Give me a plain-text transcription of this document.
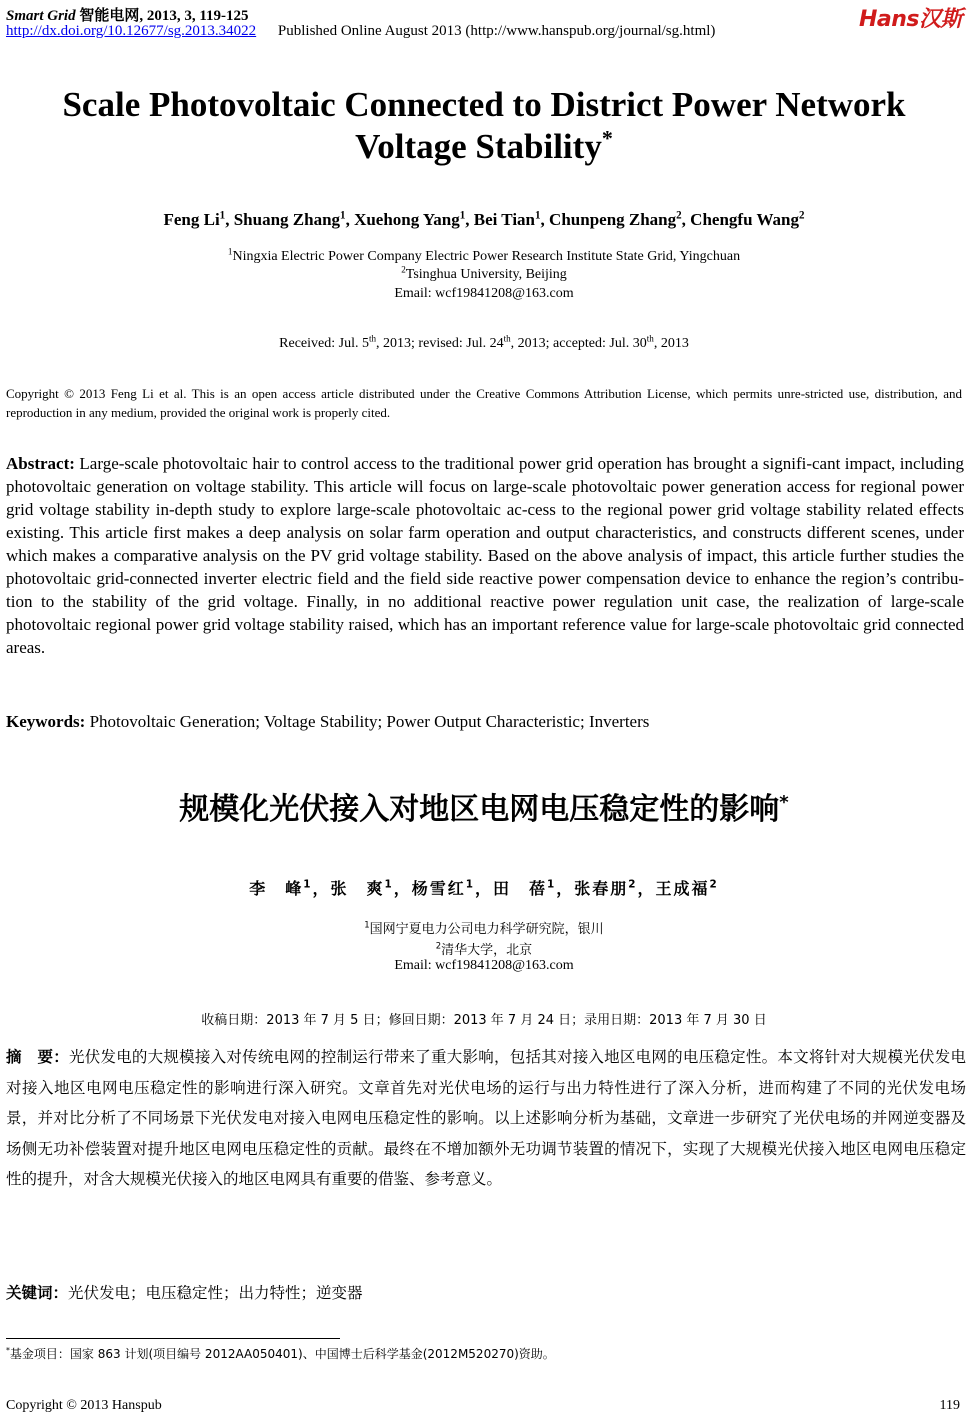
Smart Grid 智能电网, 2013, 3, 119-125
http://dx.doi.org/10.12677/sg.2013.34022 Published Online August 2013 (http://www.hanspub.org/journal/sg.html)	Hans汉斯
Scale Photovoltaic Connected to District Power Network
Voltage Stability*
Feng Li$^1$, Shuang Zhang$^1$, Xuehong Yang$^1$, Bei Tian$^1$, Chunpeng Zhang$^2$, Chengfu Wang$^2$
$^1$Ningxia Electric Power Company Electric Power Research Institute State Grid, Yingchuan
$^2$Tsinghua University, Beijing
Email: wcf19841208@163.com
Received: Jul. 5th, 2013; revised: Jul. 24th, 2013; accepted: Jul. 30th, 2013
Copyright © 2013 Feng Li et al. This is an open access article distributed under the Creative Commons Attribution License, which permits unre-stricted use, distribution, and reproduction in any medium, provided the original work is properly cited.
Abstract: Large-scale photovoltaic hair to control access to the traditional power grid operation has brought a signifi-cant impact, including photovoltaic generation on voltage stability. This article will focus on large-scale photovoltaic power generation access for regional power grid voltage stability in-depth study to explore large-scale photovoltaic ac-cess to the regional power grid voltage stability related effects existing. This article first makes a deep analysis on solar farm operation and output characteristics, and constructs different scenes, under which makes a comparative analysis on the PV grid voltage stability. Based on the above analysis of impact, this article further studies the photovoltaic grid-connected inverter electric field and the field side reactive power compensation device to enhance the region’s contribu-tion to the stability of the grid voltage. Finally, in no additional reactive power regulation unit case, the realization of large-scale photovoltaic regional power grid voltage stability raised, which has an important reference value for large-scale photovoltaic grid connected areas.
Keywords: Photovoltaic Generation; Voltage Stability; Power Output Characteristic; Inverters
规模化光伏接入对地区电网电压稳定性的影响*
李　峰$^1$，张　爽$^1$，杨雪红$^1$，田　蓓$^1$，张春朋$^2$，王成福$^2$
$^1$国网宁夏电力公司电力科学研究院，银川
$^2$清华大学，北京
Email: wcf19841208@163.com
收稿日期：2013 年 7 月 5 日；修回日期：2013 年 7 月 24 日；录用日期：2013 年 7 月 30 日
摘　要：光伏发电的大规模接入对传统电网的控制运行带来了重大影响，包括其对接入地区电网的电压稳定性。本文将针对大规模光伏发电对接入地区电网电压稳定性的影响进行深入研究。文章首先对光伏电场的运行与出力特性进行了深入分析，进而构建了不同的光伏发电场景，并对比分析了不同场景下光伏发电对接入电网电压稳定性的影响。以上述影响分析为基础，文章进一步研究了光伏电场的并网逆变器及场侧无功补偿装置对提升地区电网电压稳定性的贡献。最终在不增加额外无功调节装置的情况下，实现了大规模光伏接入地区电网电压稳定性的提升，对含大规模光伏接入的地区电网具有重要的借鉴、参考意义。
关键词：光伏发电；电压稳定性；出力特性；逆变器
*基金项目：国家 863 计划(项目编号 2012AA050401)、中国博士后科学基金(2012M520270)资助。
Copyright © 2013 Hanspub	119
